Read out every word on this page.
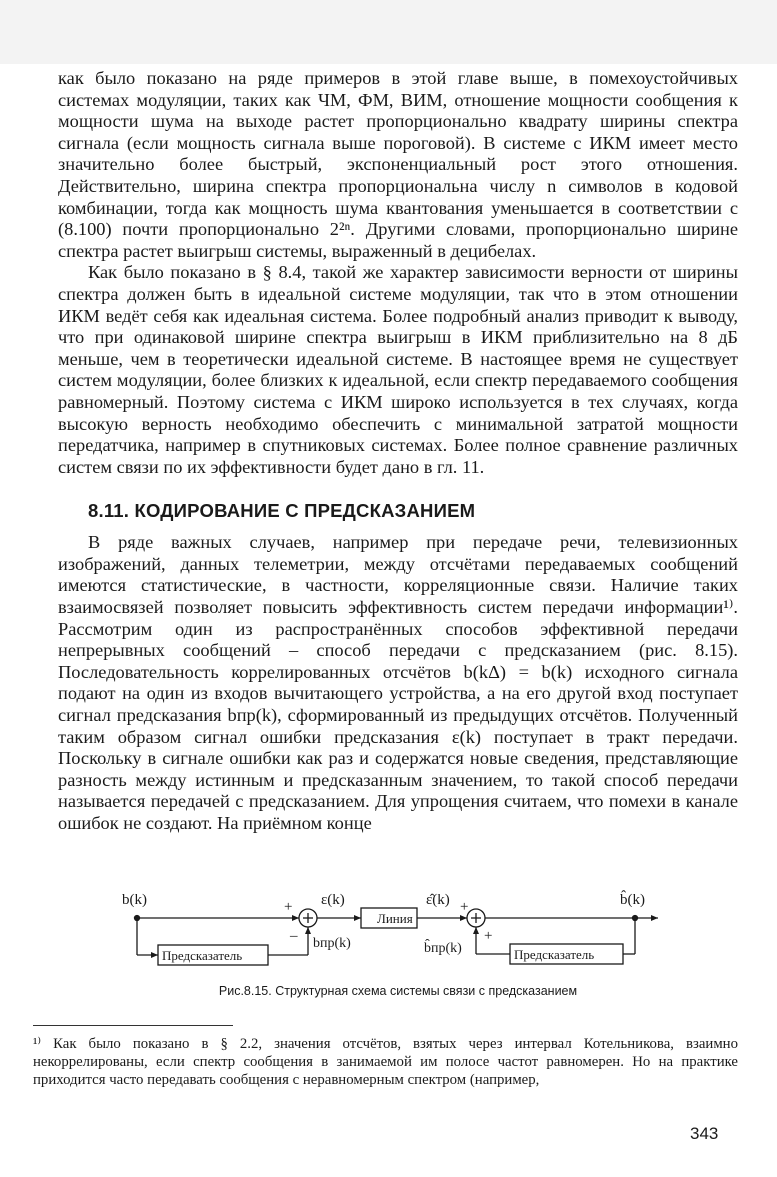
как было показано на ряде примеров в этой главе выше, в помехоустойчивых системах модуляции, таких как ЧМ, ФМ, ВИМ, отношение мощности сообщения к мощности шума на выходе растет пропорционально квадрату ширины спектра сигнала (если мощность сигнала выше пороговой). В системе с ИКМ имеет место значительно более быстрый, экспоненциальный рост этого отношения. Действительно, ширина спектра пропорциональна числу n символов в кодовой комбинации, тогда как мощность шума квантования уменьшается в соответствии с (8.100) почти пропорционально 2²ⁿ. Другими словами, пропорционально ширине спектра растет выигрыш системы, выраженный в децибелах.

Как было показано в § 8.4, такой же характер зависимости верности от ширины спектра должен быть в идеальной системе модуляции, так что в этом отношении ИКМ ведёт себя как идеальная система. Более подробный анализ приводит к выводу, что при одинаковой ширине спектра выигрыш в ИКМ приблизительно на 8 дБ меньше, чем в теоретически идеальной системе. В настоящее время не существует систем модуляции, более близких к идеальной, если спектр передаваемого сообщения равномерный. Поэтому система с ИКМ широко используется в тех случаях, когда высокую верность необходимо обеспечить с минимальной затратой мощности передатчика, например в спутниковых системах. Более полное сравнение различных систем связи по их эффективности будет дано в гл. 11.

8.11. КОДИРОВАНИЕ С ПРЕДСКАЗАНИЕМ

В ряде важных случаев, например при передаче речи, телевизионных изображений, данных телеметрии, между отсчётами передаваемых сообщений имеются статистические, в частности, корреляционные связи. Наличие таких взаимосвязей позволяет повысить эффективность систем передачи информации¹⁾. Рассмотрим один из распространённых способов эффективной передачи непрерывных сообщений – способ передачи с предсказанием (рис. 8.15). Последовательность коррелированных отсчётов b(kΔ) = b(k) исходного сигнала подают на один из входов вычитающего устройства, а на его другой вход поступает сигнал предсказания bпр(k), сформированный из предыдущих отсчётов. Полученный таким образом сигнал ошибки предсказания ε(k) поступает в тракт передачи. Поскольку в сигнале ошибки как раз и содержатся новые сведения, представляющие разность между истинным и предсказанным значением, то такой способ передачи называется передачей с предсказанием. Для упрощения считаем, что помехи в канале ошибок не создают. На приёмном конце

b(k)	ε(k)
Линия
ε̂(k)	b̂(k)
Предсказатель	Предсказатель
bпр(k)	b̂пр(k)
+
–
+
+
Рис.8.15. Структурная схема системы связи с предсказанием
¹⁾ Как было показано в § 2.2, значения отсчётов, взятых через интервал Котельникова, взаимно некоррелированы, если спектр сообщения в занимаемой им полосе частот равномерен. Но на практике приходится часто передавать сообщения с неравномерным спектром (например,
343
